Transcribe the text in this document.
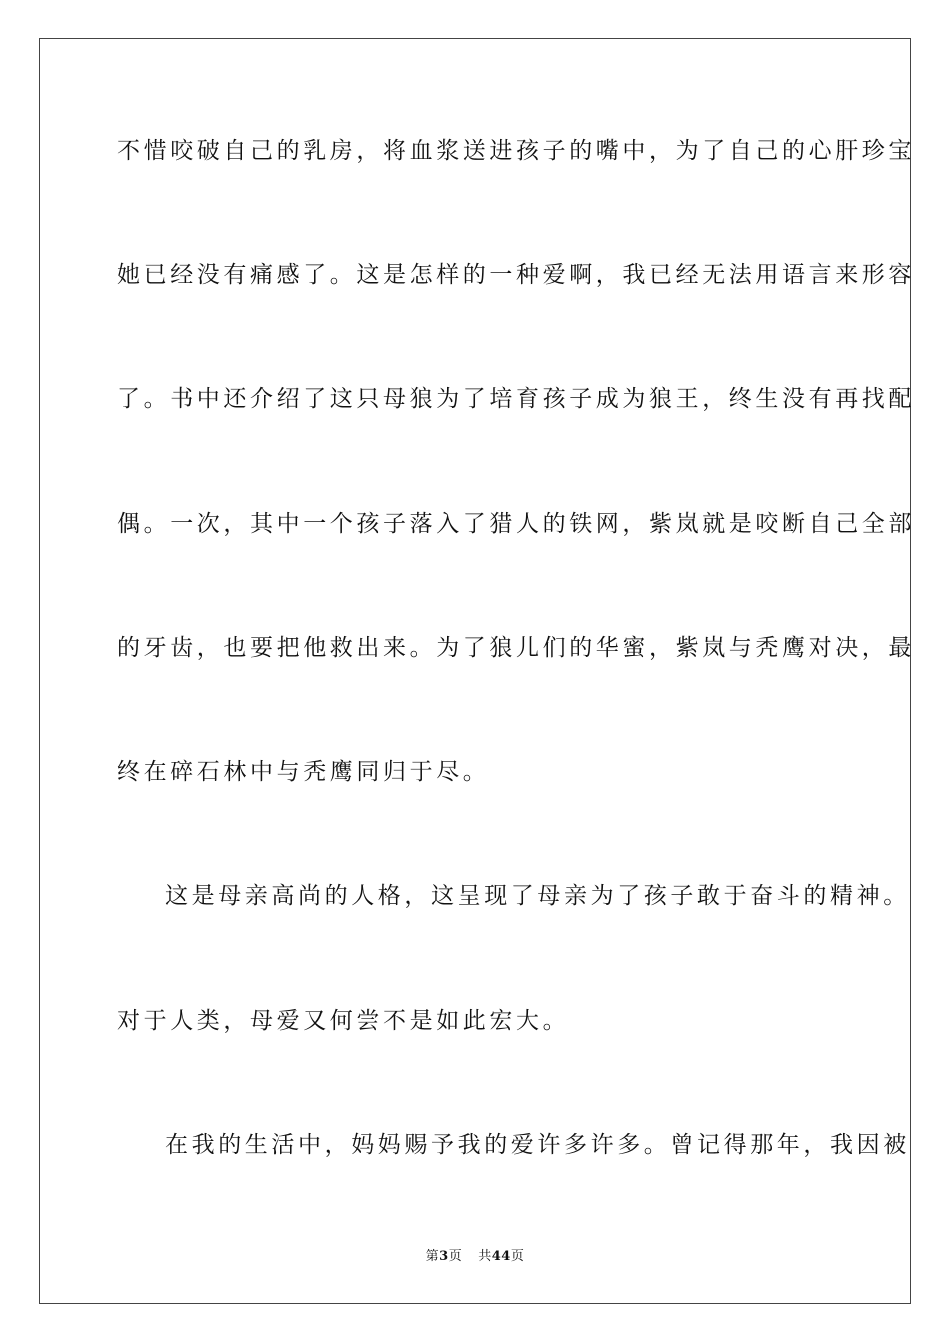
不惜咬破自己的乳房，将血浆送进孩子的嘴中，为了自己的心肝珍宝
她已经没有痛感了。这是怎样的一种爱啊，我已经无法用语言来形容
了。书中还介绍了这只母狼为了培育孩子成为狼王，终生没有再找配
偶。一次，其中一个孩子落入了猎人的铁网，紫岚就是咬断自己全部
的牙齿，也要把他救出来。为了狼儿们的华蜜，紫岚与秃鹰对决，最
终在碎石林中与秃鹰同归于尽。
这是母亲高尚的人格，这呈现了母亲为了孩子敢于奋斗的精神。
对于人类，母爱又何尝不是如此宏大。
在我的生活中，妈妈赐予我的爱许多许多。曾记得那年，我因被
第3页 共44页
